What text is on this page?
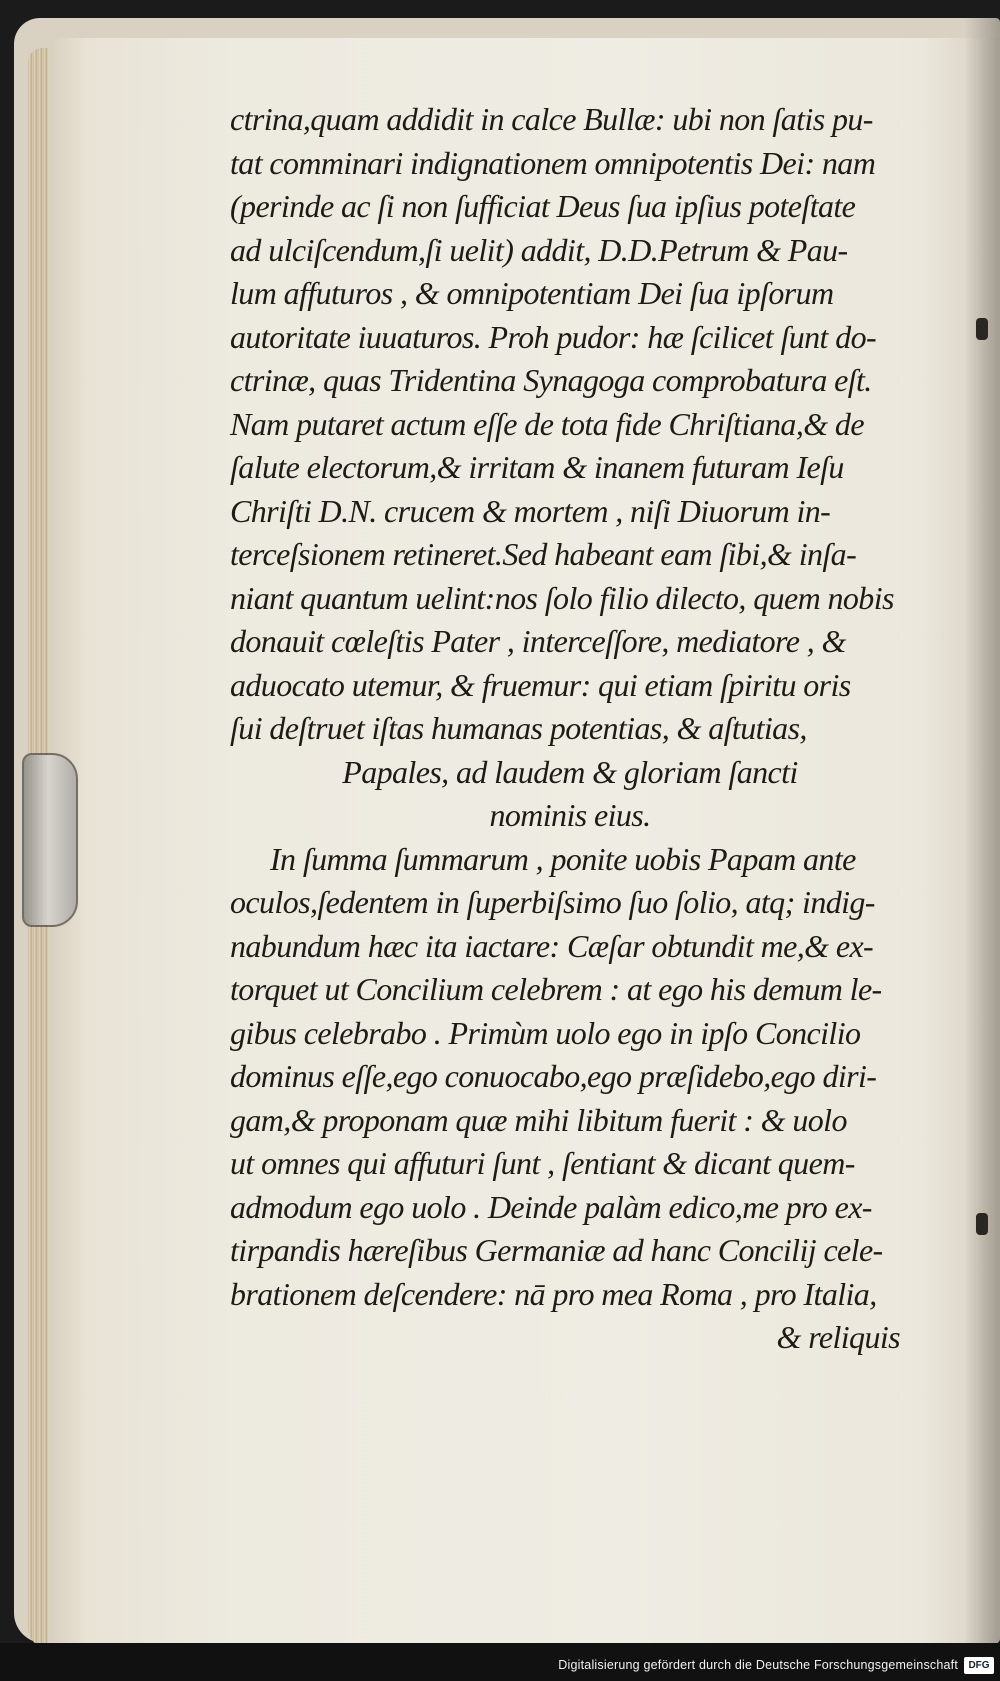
ctrina,quam addidit in calce Bullæ: ubi non ſatis pu-
tat comminari indignationem omnipotentis Dei: nam
(perinde ac ſi non ſufficiat Deus ſua ipſius poteſtate
ad ulciſcendum,ſi uelit) addit, D.D.Petrum & Pau-
lum affuturos , & omnipotentiam Dei ſua ipſorum
autoritate iuuaturos. Proh pudor: hæ ſcilicet ſunt do-
ctrinæ, quas Tridentina Synagoga comprobatura eſt.
Nam putaret actum eſſe de tota fide Chriſtiana,& de
ſalute electorum,& irritam & inanem futuram Ieſu
Chriſti D.N. crucem & mortem , niſi Diuorum in-
terceſsionem retineret.Sed habeant eam ſibi,& inſa-
niant quantum uelint:nos ſolo filio dilecto, quem nobis
donauit cœleſtis Pater , interceſſore, mediatore , &
aduocato utemur, & fruemur: qui etiam ſpiritu oris
ſui deſtruet iſtas humanas potentias, & aſtutias,
Papales, ad laudem & gloriam ſancti
nominis eius.
In ſumma ſummarum , ponite uobis Papam ante
oculos,ſedentem in ſuperbiſsimo ſuo ſolio, atq; indig-
nabundum hæc ita iactare: Cæſar obtundit me,& ex-
torquet ut Concilium celebrem : at ego his demum le-
gibus celebrabo . Primùm uolo ego in ipſo Concilio
dominus eſſe,ego conuocabo,ego præſidebo,ego diri-
gam,& proponam quæ mihi libitum fuerit : & uolo
ut omnes qui affuturi ſunt , ſentiant & dicant quem-
admodum ego uolo . Deinde palàm edico,me pro ex-
tirpandis hæreſibus Germaniæ ad hanc Concilij cele-
brationem deſcendere: nā pro mea Roma , pro Italia,
& reliquis
Digitalisierung gefördert durch die Deutsche Forschungsgemeinschaft	DFG
